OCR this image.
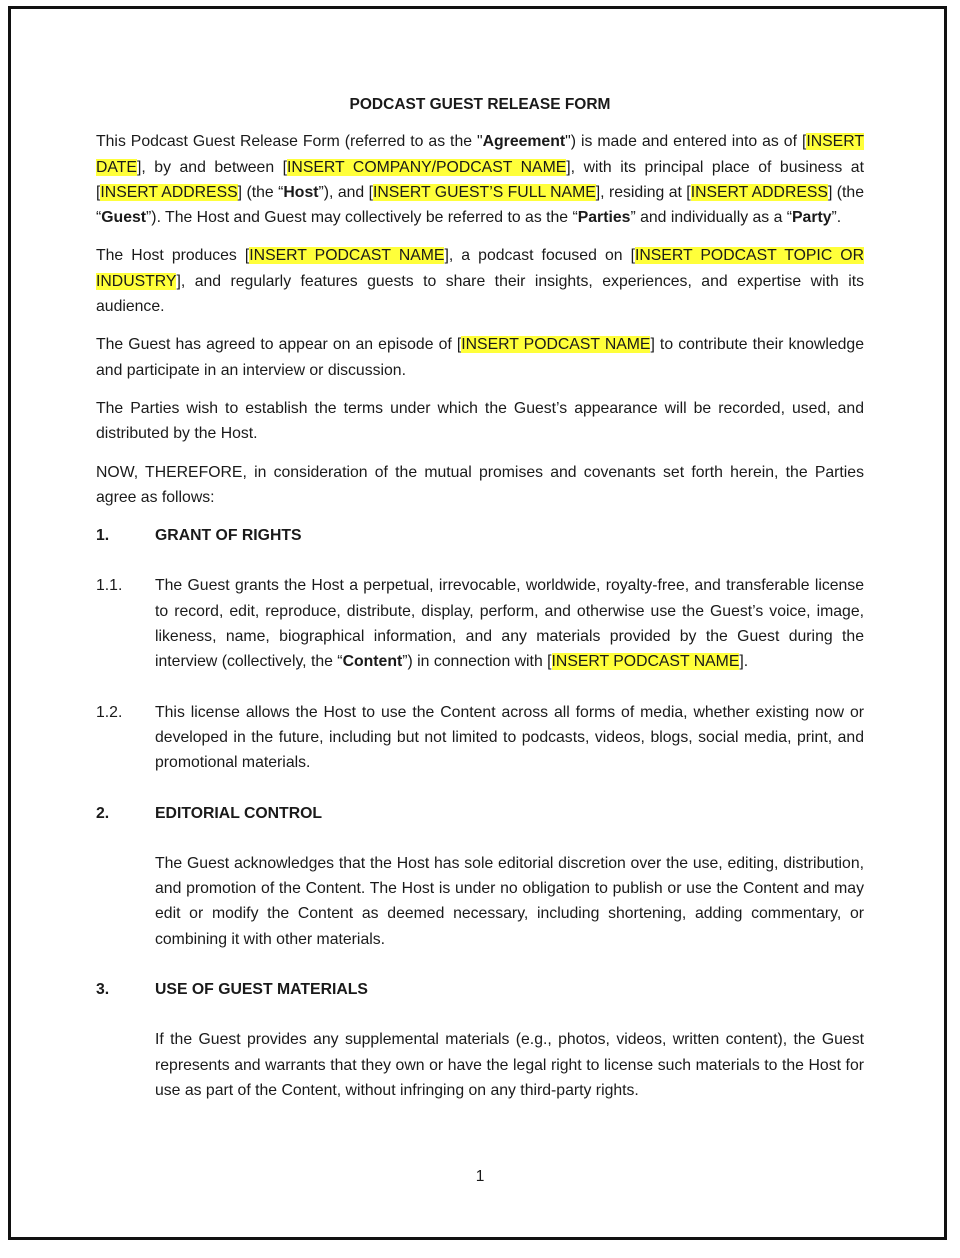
PODCAST GUEST RELEASE FORM

This Podcast Guest Release Form (referred to as the "Agreement") is made and entered into as of [INSERT DATE], by and between [INSERT COMPANY/PODCAST NAME], with its principal place of business at [INSERT ADDRESS] (the “Host”), and [INSERT GUEST’S FULL NAME], residing at [INSERT ADDRESS] (the “Guest”). The Host and Guest may collectively be referred to as the “Parties” and individually as a “Party”.

The Host produces [INSERT PODCAST NAME], a podcast focused on [INSERT PODCAST TOPIC OR INDUSTRY], and regularly features guests to share their insights, experiences, and expertise with its audience.

The Guest has agreed to appear on an episode of [INSERT PODCAST NAME] to contribute their knowledge and participate in an interview or discussion.

The Parties wish to establish the terms under which the Guest’s appearance will be recorded, used, and distributed by the Host.

NOW, THEREFORE, in consideration of the mutual promises and covenants set forth herein, the Parties agree as follows:

1.	GRANT OF RIGHTS
1.1.	The Guest grants the Host a perpetual, irrevocable, worldwide, royalty-free, and transferable license to record, edit, reproduce, distribute, display, perform, and otherwise use the Guest’s voice, image, likeness, name, biographical information, and any materials provided by the Guest during the interview (collectively, the “Content”) in connection with [INSERT PODCAST NAME].
1.2.	This license allows the Host to use the Content across all forms of media, whether existing now or developed in the future, including but not limited to podcasts, videos, blogs, social media, print, and promotional materials.
2.	EDITORIAL CONTROL
The Guest acknowledges that the Host has sole editorial discretion over the use, editing, distribution, and promotion of the Content. The Host is under no obligation to publish or use the Content and may edit or modify the Content as deemed necessary, including shortening, adding commentary, or combining it with other materials.
3.	USE OF GUEST MATERIALS
If the Guest provides any supplemental materials (e.g., photos, videos, written content), the Guest represents and warrants that they own or have the legal right to license such materials to the Host for use as part of the Content, without infringing on any third-party rights.
1
